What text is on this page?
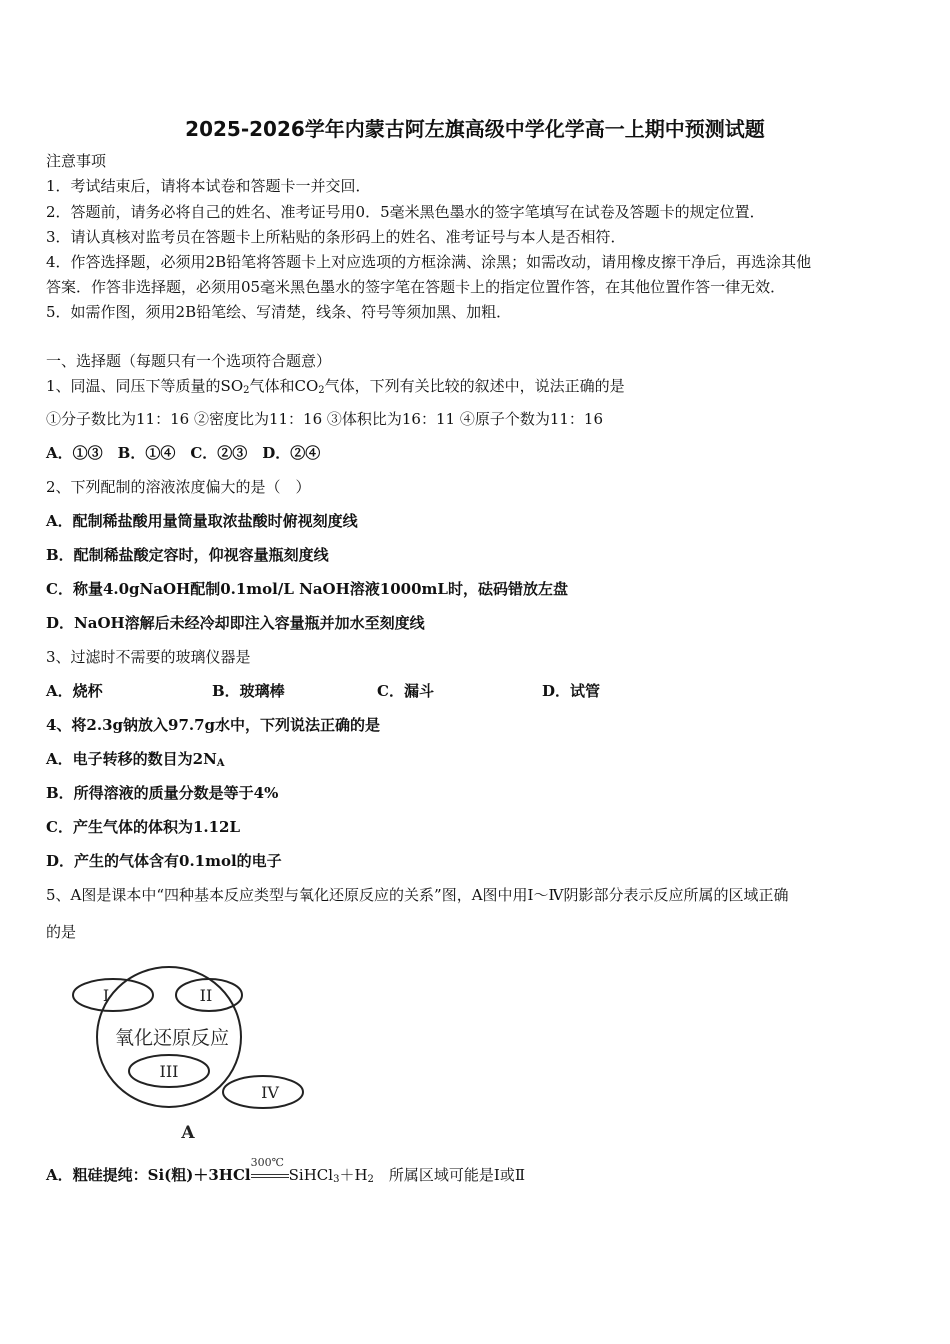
2025-2026学年内蒙古阿左旗高级中学化学高一上期中预测试题
注意事项
1．考试结束后，请将本试卷和答题卡一并交回．
2．答题前，请务必将自己的姓名、准考证号用0．5毫米黑色墨水的签字笔填写在试卷及答题卡的规定位置．
3．请认真核对监考员在答题卡上所粘贴的条形码上的姓名、准考证号与本人是否相符．
4．作答选择题，必须用2B铅笔将答题卡上对应选项的方框涂满、涂黑；如需改动，请用橡皮擦干净后，再选涂其他
答案．作答非选择题，必须用05毫米黑色墨水的签字笔在答题卡上的指定位置作答，在其他位置作答一律无效．
5．如需作图，须用2B铅笔绘、写清楚，线条、符号等须加黑、加粗．
一、选择题（每题只有一个选项符合题意）
1、同温、同压下等质量的$SO_2$气体和$CO_2$气体，下列有关比较的叙述中，说法正确的是
①分子数比为11：16 ②密度比为11：16 ③体积比为16：11 ④原子个数为11：16
A．①③　B．①④　C．②③　D．②④
2、下列配制的溶液浓度偏大的是（　）
A．配制稀盐酸用量筒量取浓盐酸时俯视刻度线
B．配制稀盐酸定容时，仰视容量瓶刻度线
C．称量4.0gNaOH配制0.1mol/L NaOH溶液1000mL时，砝码错放左盘
D．NaOH溶解后未经冷却即注入容量瓶并加水至刻度线
3、过滤时不需要的玻璃仪器是
A．烧杯	B．玻璃棒	C．漏斗	D．试管
4、将2.3g钠放入97.7g水中，下列说法正确的是
A．电子转移的数目为$2N_A$
B．所得溶液的质量分数是等于4%
C．产生气体的体积为1.12L
D．产生的气体含有0.1mol的电子
5、A图是课本中“四种基本反应类型与氧化还原反应的关系”图，A图中用Ⅰ～Ⅳ阴影部分表示反应所属的区域正确
的是
氧化还原反应
I	II
III
IV
A
A．粗硅提纯：Si(粗)＋3HCl
300℃
$SiHCl_3+H_2$　所属区域可能是Ⅰ或Ⅱ
